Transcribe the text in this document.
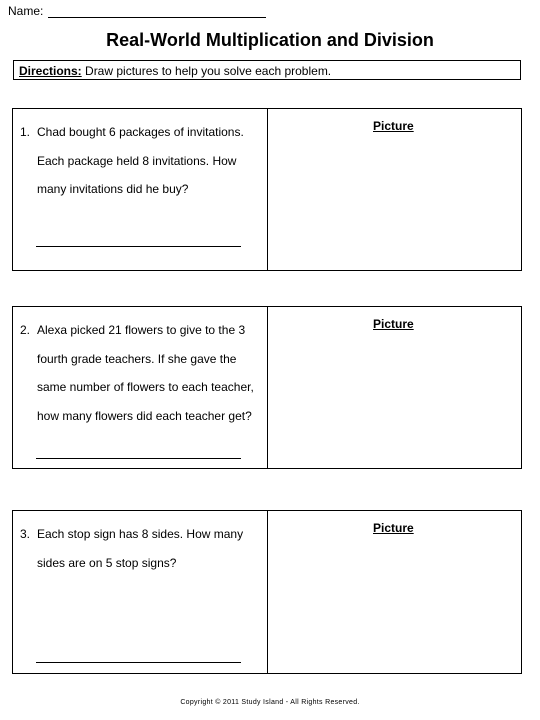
Name:
Real-World Multiplication and Division
Directions: Draw pictures to help you solve each problem.
1. Chad bought 6 packages of invitations.
Each package held 8 invitations. How
many invitations did he buy?
Picture
2. Alexa picked 21 flowers to give to the 3
fourth grade teachers. If she gave the
same number of flowers to each teacher,
how many flowers did each teacher get?
Picture
3. Each stop sign has 8 sides. How many
sides are on 5 stop signs?
Picture
Copyright © 2011 Study Island - All Rights Reserved.
